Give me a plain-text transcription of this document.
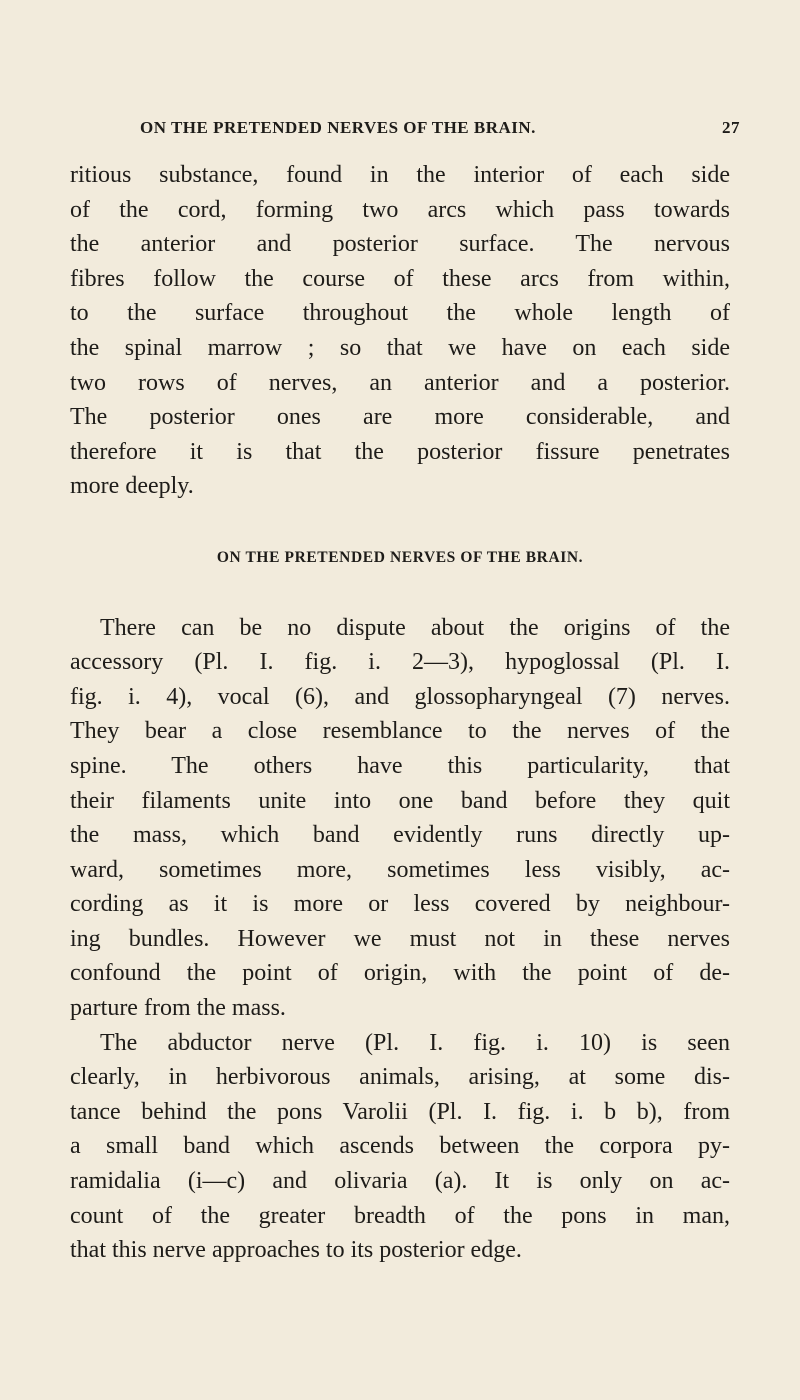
ON THE PRETENDED NERVES OF THE BRAIN.	27

ritious substance, found in the interior of each side
of the cord, forming two arcs which pass towards
the anterior and posterior surface. The nervous
fibres follow the course of these arcs from within,
to the surface throughout the whole length of
the spinal marrow ; so that we have on each side
two rows of nerves, an anterior and a posterior.
The posterior ones are more considerable, and
therefore it is that the posterior fissure penetrates
more deeply.

ON THE PRETENDED NERVES OF THE BRAIN.

There can be no dispute about the origins of the
accessory (Pl. I. fig. i. 2—3), hypoglossal (Pl. I.
fig. i. 4), vocal (6), and glossopharyngeal (7) nerves.
They bear a close resemblance to the nerves of the
spine. The others have this particularity, that
their filaments unite into one band before they quit
the mass, which band evidently runs directly up-
ward, sometimes more, sometimes less visibly, ac-
cording as it is more or less covered by neighbour-
ing bundles. However we must not in these nerves
confound the point of origin, with the point of de-
parture from the mass.

The abductor nerve (Pl. I. fig. i. 10) is seen
clearly, in herbivorous animals, arising, at some dis-
tance behind the pons Varolii (Pl. I. fig. i. b b), from
a small band which ascends between the corpora py-
ramidalia (i—c) and olivaria (a). It is only on ac-
count of the greater breadth of the pons in man,
that this nerve approaches to its posterior edge.
